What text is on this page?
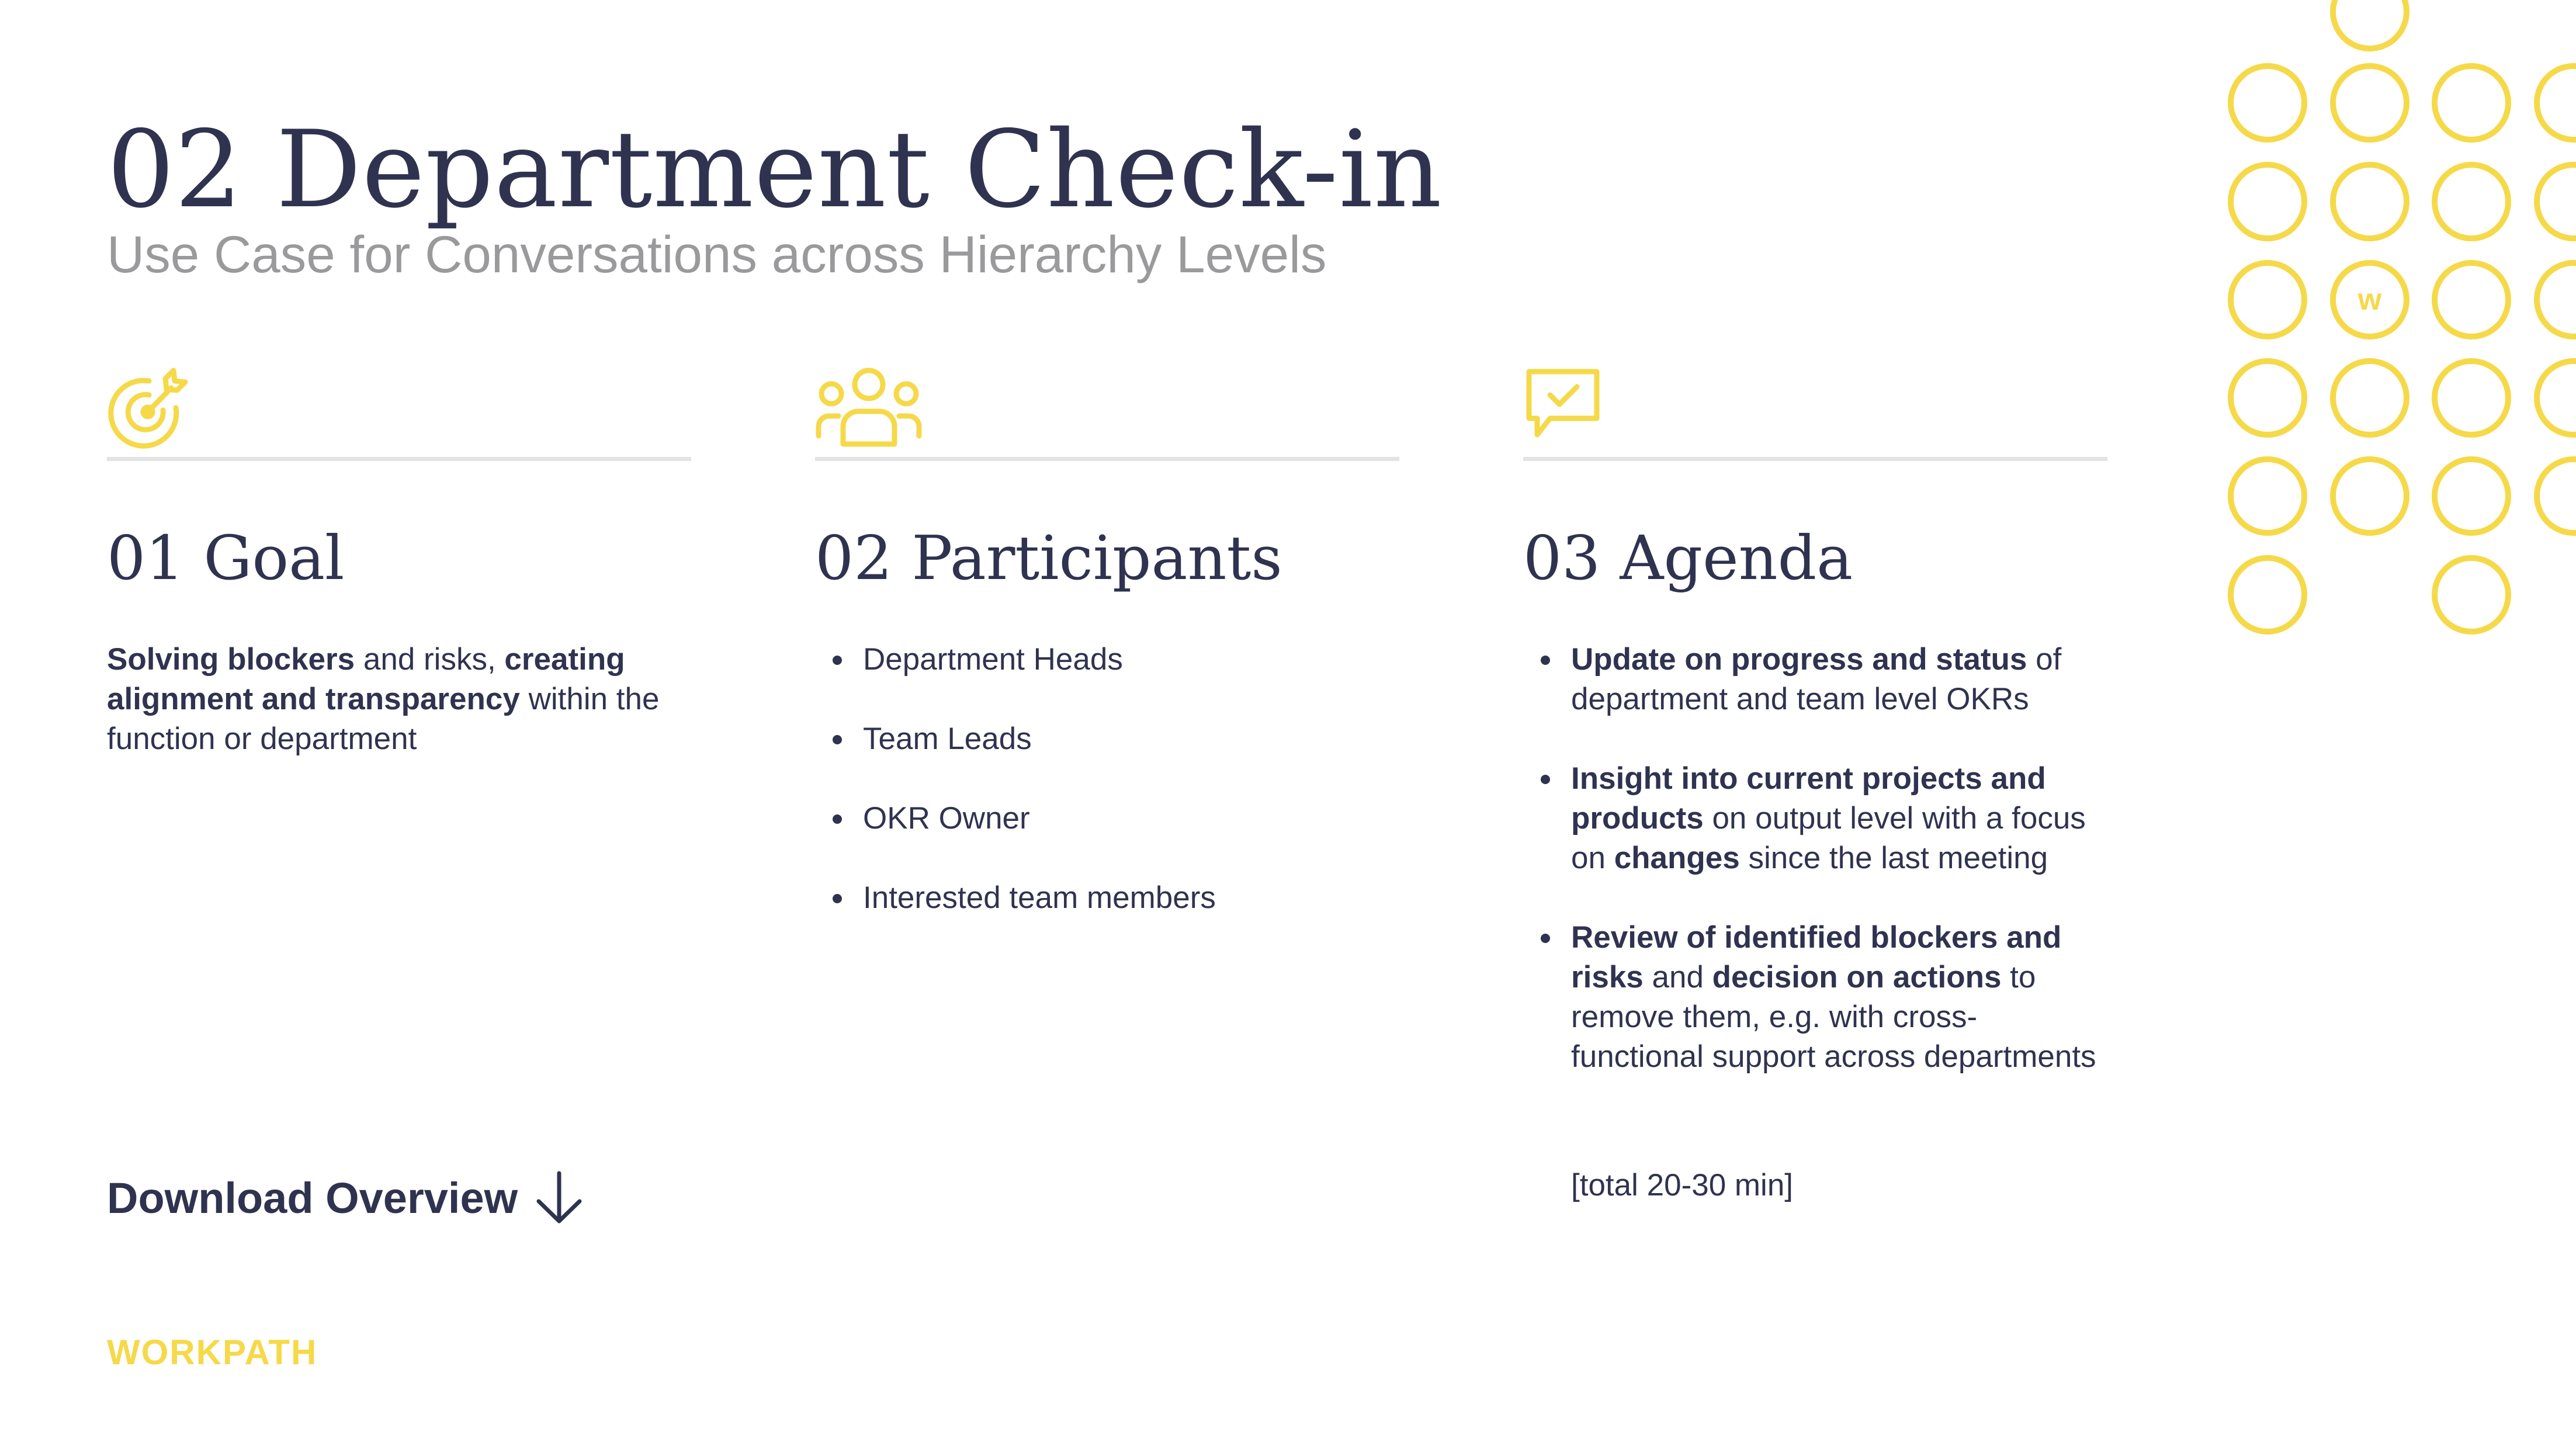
w
02 Department Check-in

Use Case for Conversations across Hierarchy Levels

01 Goal

Solving blockers and risks, creating alignment and transparency within the function or department

02 Participants
Department Heads
Team Leads
OKR Owner
Interested team members
03 Agenda
Update on progress and status of department and team level OKRs
Insight into current projects and products on output level with a focus on changes since the last meeting
Review of identified blockers and risks and decision on actions to remove them, e.g. with cross-functional support across departments

[total 20-30 min]

Download Overview
WORKPATH
